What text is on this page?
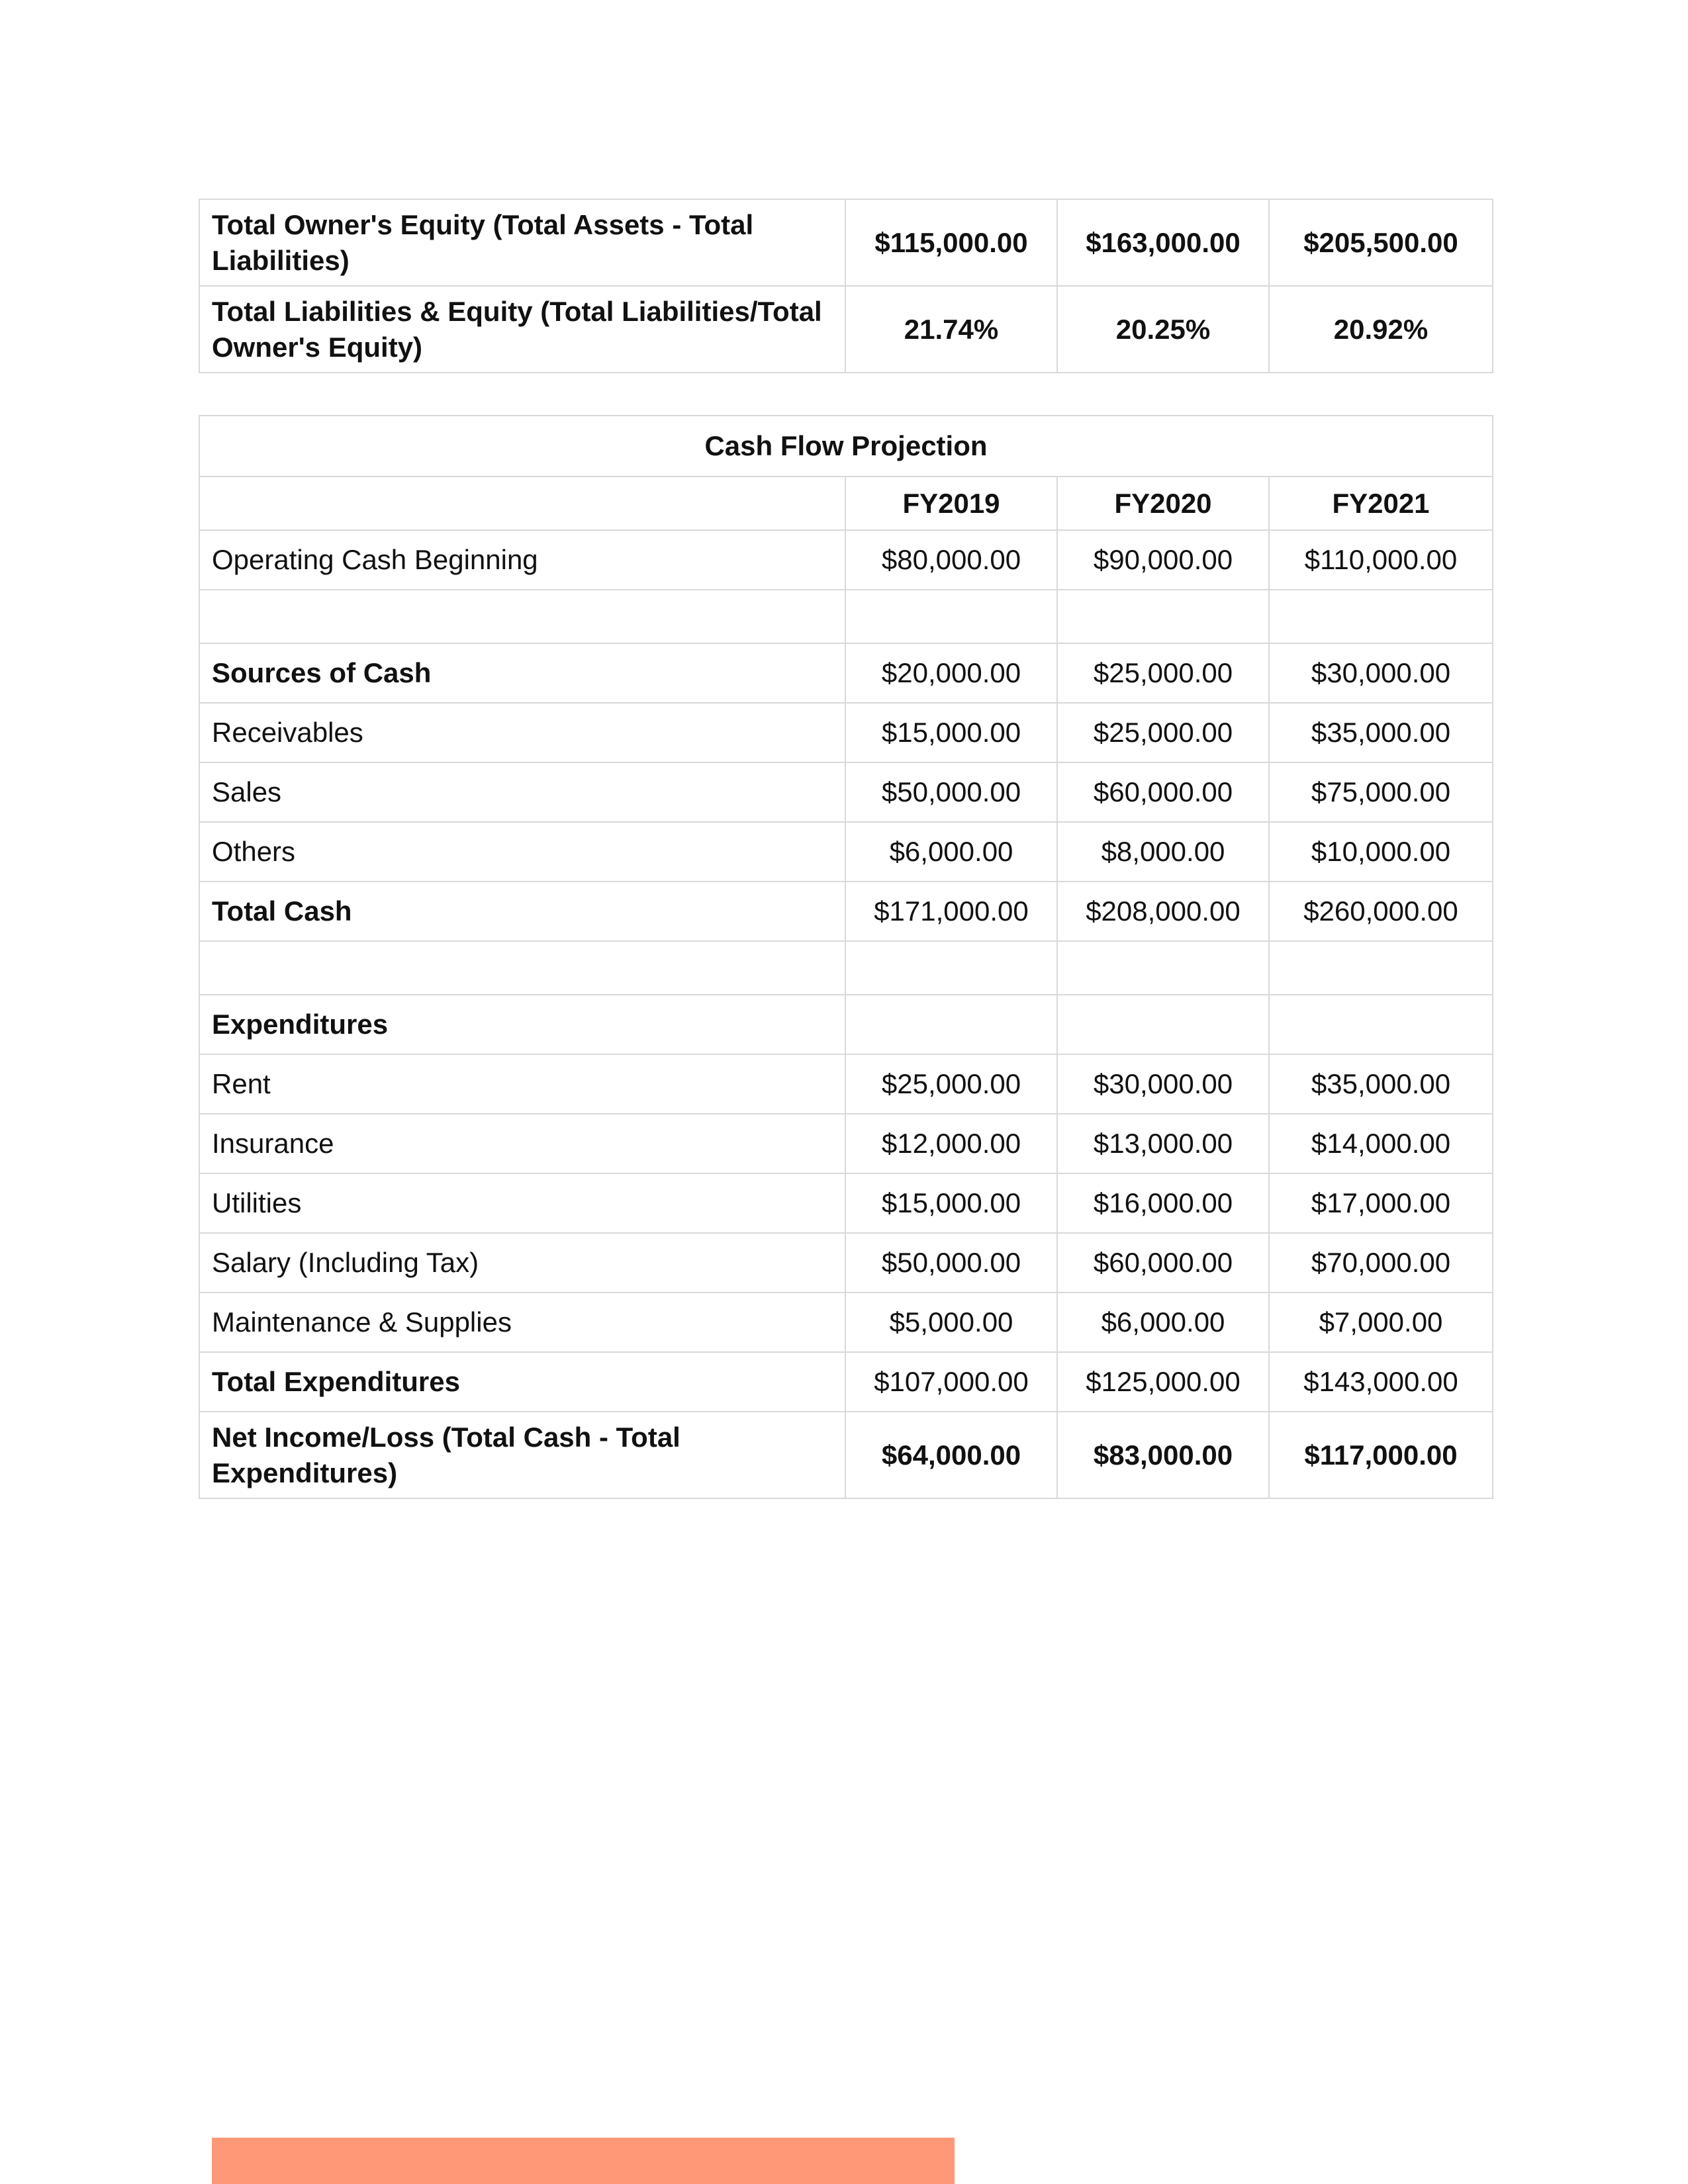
Total Owner's Equity (Total Assets - Total Liabilities)	$115,000.00	$163,000.00	$205,500.00
Total Liabilities & Equity (Total Liabilities/Total Owner's Equity)	21.74%	20.25%	20.92%
Cash Flow Projection			
	FY2019	FY2020	FY2021
Operating Cash Beginning	$80,000.00	$90,000.00	$110,000.00

Sources of Cash	$20,000.00	$25,000.00	$30,000.00
Receivables	$15,000.00	$25,000.00	$35,000.00
Sales	$50,000.00	$60,000.00	$75,000.00
Others	$6,000.00	$8,000.00	$10,000.00
Total Cash	$171,000.00	$208,000.00	$260,000.00

Expenditures			
Rent	$25,000.00	$30,000.00	$35,000.00
Insurance	$12,000.00	$13,000.00	$14,000.00
Utilities	$15,000.00	$16,000.00	$17,000.00
Salary (Including Tax)	$50,000.00	$60,000.00	$70,000.00
Maintenance & Supplies	$5,000.00	$6,000.00	$7,000.00
Total Expenditures	$107,000.00	$125,000.00	$143,000.00
Net Income/Loss (Total Cash - Total Expenditures)	$64,000.00	$83,000.00	$117,000.00
